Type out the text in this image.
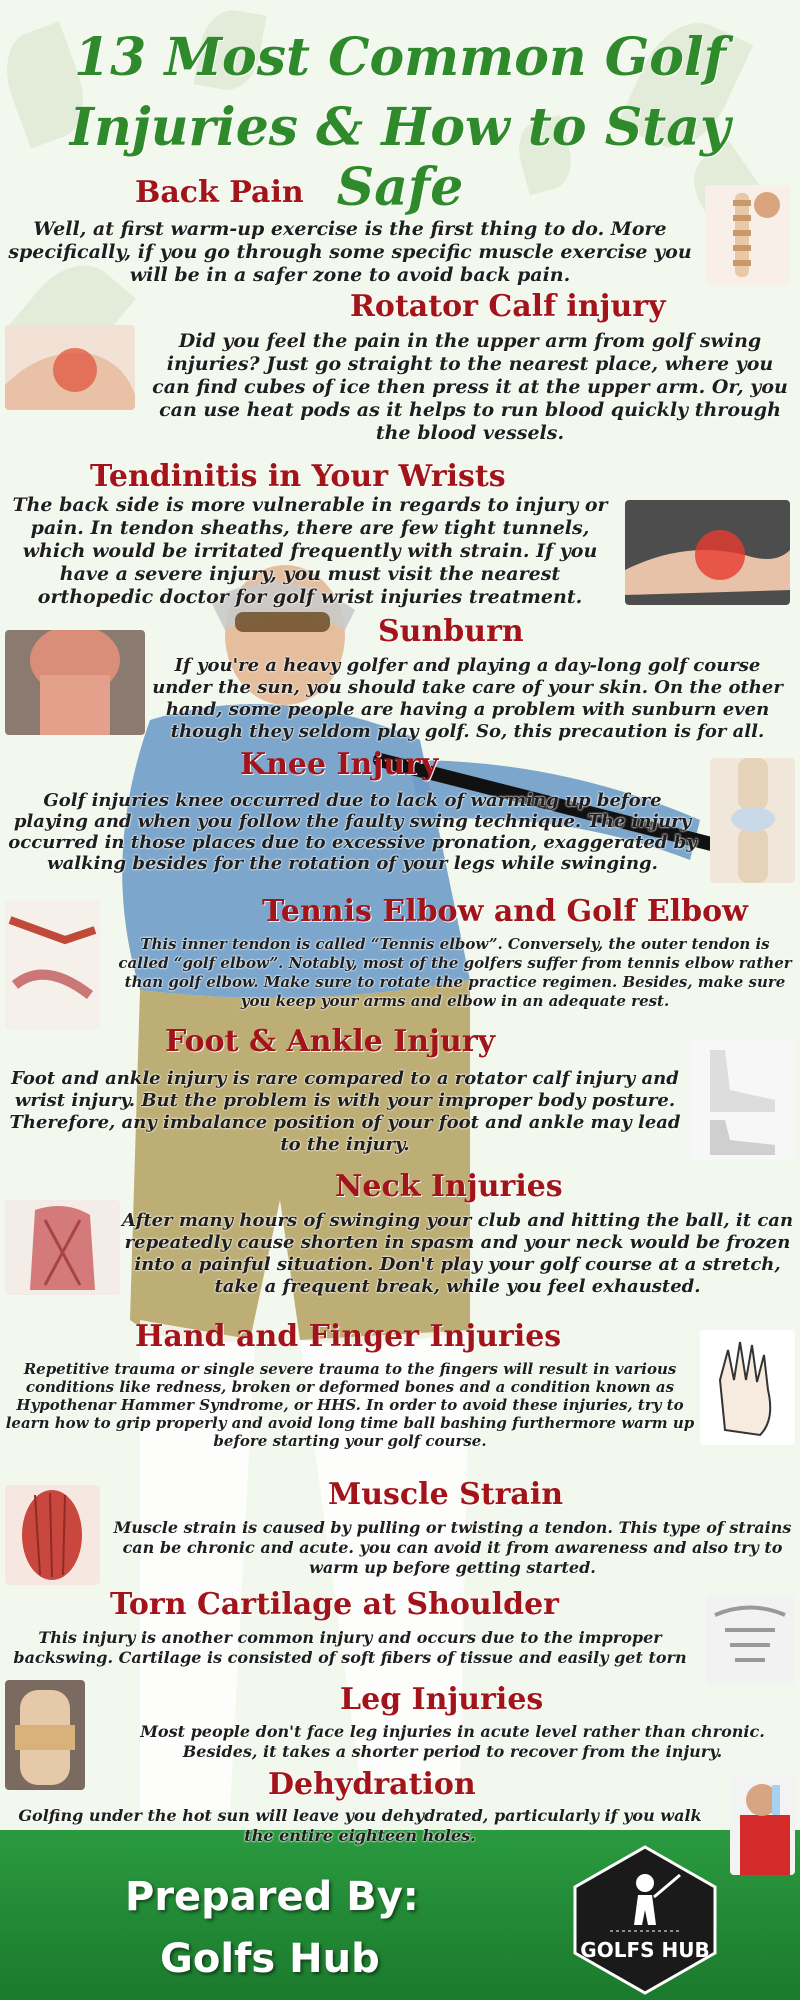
13 Most Common Golf
Injuries & How to Stay Safe
Back Pain

Well, at first warm-up exercise is the first thing to do. More specifically, if you go through some specific muscle exercise you will be in a safer zone to avoid back pain.

Rotator Calf injury

Did you feel the pain in the upper arm from golf swing injuries? Just go straight to the nearest place, where you can find cubes of ice then press it at the upper arm. Or, you can use heat pods as it helps to run blood quickly through the blood vessels.

Tendinitis in Your Wrists

The back side is more vulnerable in regards to injury or pain. In tendon sheaths, there are few tight tunnels, which would be irritated frequently with strain. If you have a severe injury, you must visit the nearest orthopedic doctor for golf wrist injuries treatment.

Sunburn

If you're a heavy golfer and playing a day-long golf course under the sun, you should take care of your skin. On the other hand, some people are having a problem with sunburn even though they seldom play golf. So, this precaution is for all.

Knee Injury

Golf injuries knee occurred due to lack of warming up before playing and when you follow the faulty swing technique. The injury occurred in those places due to excessive pronation, exaggerated by walking besides for the rotation of your legs while swinging.

Tennis Elbow and Golf Elbow

This inner tendon is called “Tennis elbow”. Conversely, the outer tendon is called “golf elbow”. Notably, most of the golfers suffer from tennis elbow rather than golf elbow. Make sure to rotate the practice regimen. Besides, make sure you keep your arms and elbow in an adequate rest.

Foot & Ankle Injury

Foot and ankle injury is rare compared to a rotator calf injury and wrist injury. But the problem is with your improper body posture. Therefore, any imbalance position of your foot and ankle may lead to the injury.

Neck Injuries

After many hours of swinging your club and hitting the ball, it can repeatedly cause shorten in spasm and your neck would be frozen into a painful situation. Don't play your golf course at a stretch, take a frequent break, while you feel exhausted.

Hand and Finger Injuries

Repetitive trauma or single severe trauma to the fingers will result in various conditions like redness, broken or deformed bones and a condition known as Hypothenar Hammer Syndrome, or HHS. In order to avoid these injuries, try to learn how to grip properly and avoid long time ball bashing furthermore warm up before starting your golf course.

Muscle Strain

Muscle strain is caused by pulling or twisting a tendon. This type of strains can be chronic and acute. you can avoid it from awareness and also try to warm up before getting started.

Torn Cartilage at Shoulder

This injury is another common injury and occurs due to the improper backswing. Cartilage is consisted of soft fibers of tissue and easily get torn

Leg Injuries

Most people don't face leg injuries in acute level rather than chronic. Besides, it takes a shorter period to recover from the injury.

Dehydration

Golfing under the hot sun will leave you dehydrated, particularly if you walk the entire eighteen holes.

Prepared By:

Golfs Hub	GOLFS HUB
